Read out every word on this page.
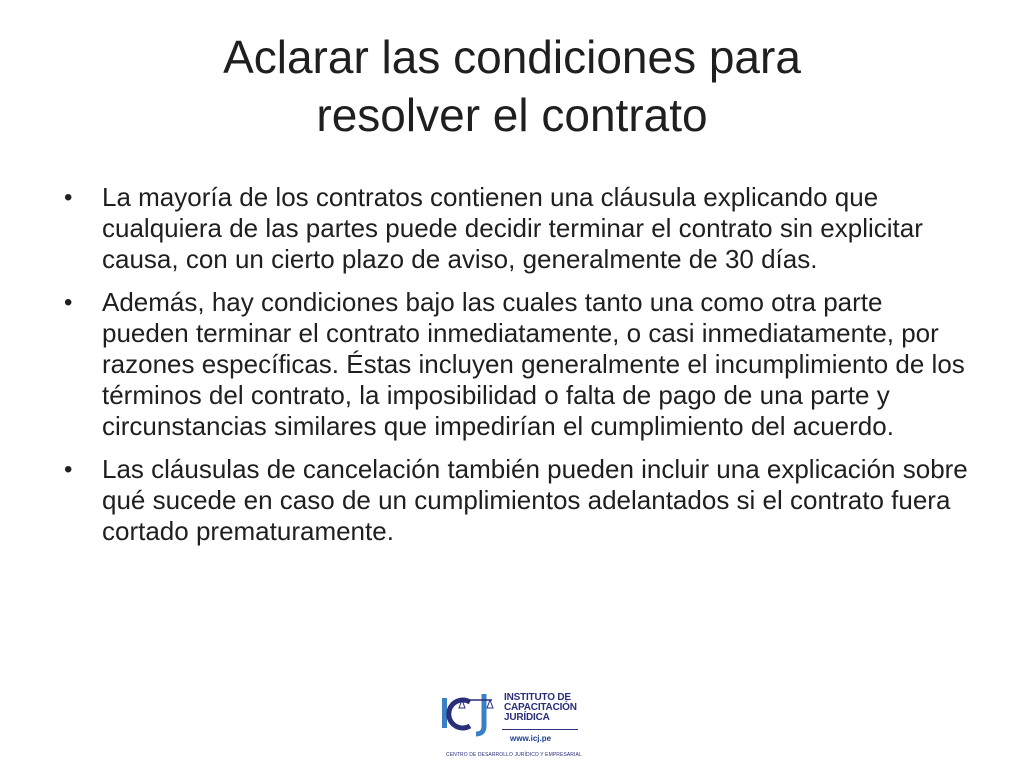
Aclarar las condiciones para
resolver el contrato
• La mayoría de los contratos contienen una cláusula explicando que cualquiera de las partes puede decidir terminar el contrato sin explicitar causa, con un cierto plazo de aviso, generalmente de 30 días.
• Además, hay condiciones bajo las cuales tanto una como otra parte pueden terminar el contrato inmediatamente, o casi inmediatamente, por razones específicas. Éstas incluyen generalmente el incumplimiento de los términos del contrato, la imposibilidad o falta de pago de una parte y circunstancias similares que impedirían el cumplimiento del acuerdo.
• Las cláusulas de cancelación también pueden incluir una explicación sobre qué sucede en caso de un cumplimientos adelantados si el contrato fuera cortado prematuramente.
INSTITUTO DE
CAPACITACIÓN
JURÍDICA
www.icj.pe
CENTRO DE DESARROLLO JURÍDICO Y EMPRESARIAL
